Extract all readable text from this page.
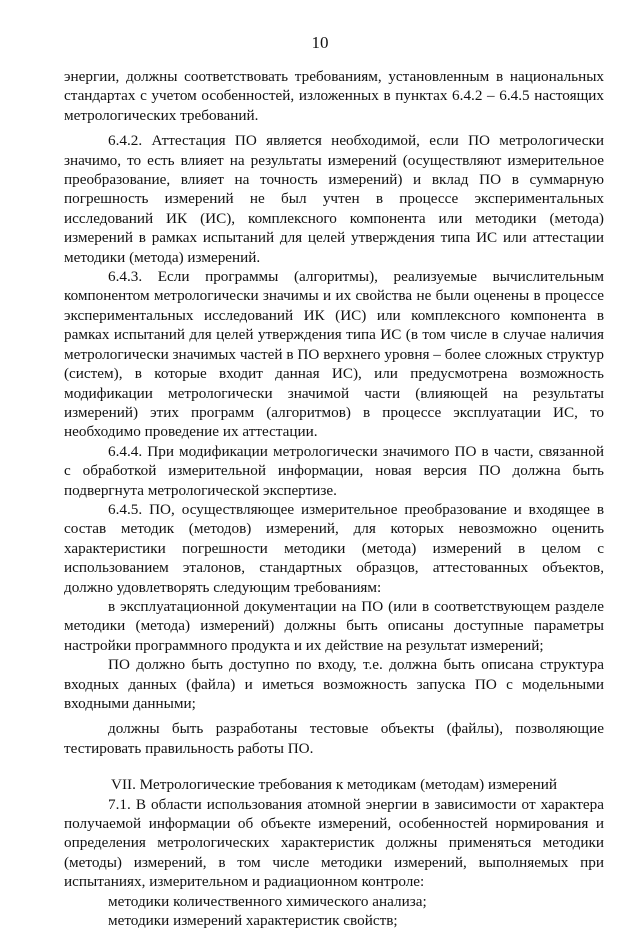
10

энергии, должны соответствовать требованиям, установленным в национальных стандартах с учетом особенностей, изложенных в пунктах 6.4.2 – 6.4.5 настоящих метрологических требований.

6.4.2. Аттестация ПО является необходимой, если ПО метрологически значимо, то есть влияет на результаты измерений (осуществляют измерительное преобразование, влияет на точность измерений) и вклад ПО в суммарную погрешность измерений не был учтен в процессе экспериментальных исследований ИК (ИС), комплексного компонента или методики (метода) измерений в рамках испытаний для целей утверждения типа ИС или аттестации методики (метода) измерений.

6.4.3. Если программы (алгоритмы), реализуемые вычислительным компонентом метрологически значимы и их свойства не были оценены в процессе экспериментальных исследований ИК (ИС) или комплексного компонента в рамках испытаний для целей утверждения типа ИС (в том числе в случае наличия метрологически значимых частей в ПО верхнего уровня – более сложных структур (систем), в которые входит данная ИС), или предусмотрена возможность модификации метрологически значимой части (влияющей на результаты измерений) этих программ (алгоритмов) в процессе эксплуатации ИС, то необходимо проведение их аттестации.

6.4.4. При модификации метрологически значимого ПО в части, связанной с обработкой измерительной информации, новая версия ПО должна быть подвергнута метрологической экспертизе.

6.4.5. ПО, осуществляющее измерительное преобразование и входящее в состав методик (методов) измерений, для которых невозможно оценить характеристики погрешности методики (метода) измерений в целом с использованием эталонов, стандартных образцов, аттестованных объектов, должно удовлетворять следующим требованиям:

в эксплуатационной документации на ПО (или в соответствующем разделе методики (метода) измерений) должны быть описаны доступные параметры настройки программного продукта и их действие на результат измерений;

ПО должно быть доступно по входу, т.е. должна быть описана структура входных данных (файла) и иметься возможность запуска ПО с модельными входными данными;

должны быть разработаны тестовые объекты (файлы), позволяющие тестировать правильность работы ПО.

VII. Метрологические требования к методикам (методам) измерений

7.1. В области использования атомной энергии в зависимости от характера получаемой информации об объекте измерений, особенностей нормирования и определения метрологических характеристик должны применяться методики (методы) измерений, в том числе методики измерений, выполняемых при испытаниях, измерительном и радиационном контроле:

методики количественного химического анализа;

методики измерений характеристик свойств;
